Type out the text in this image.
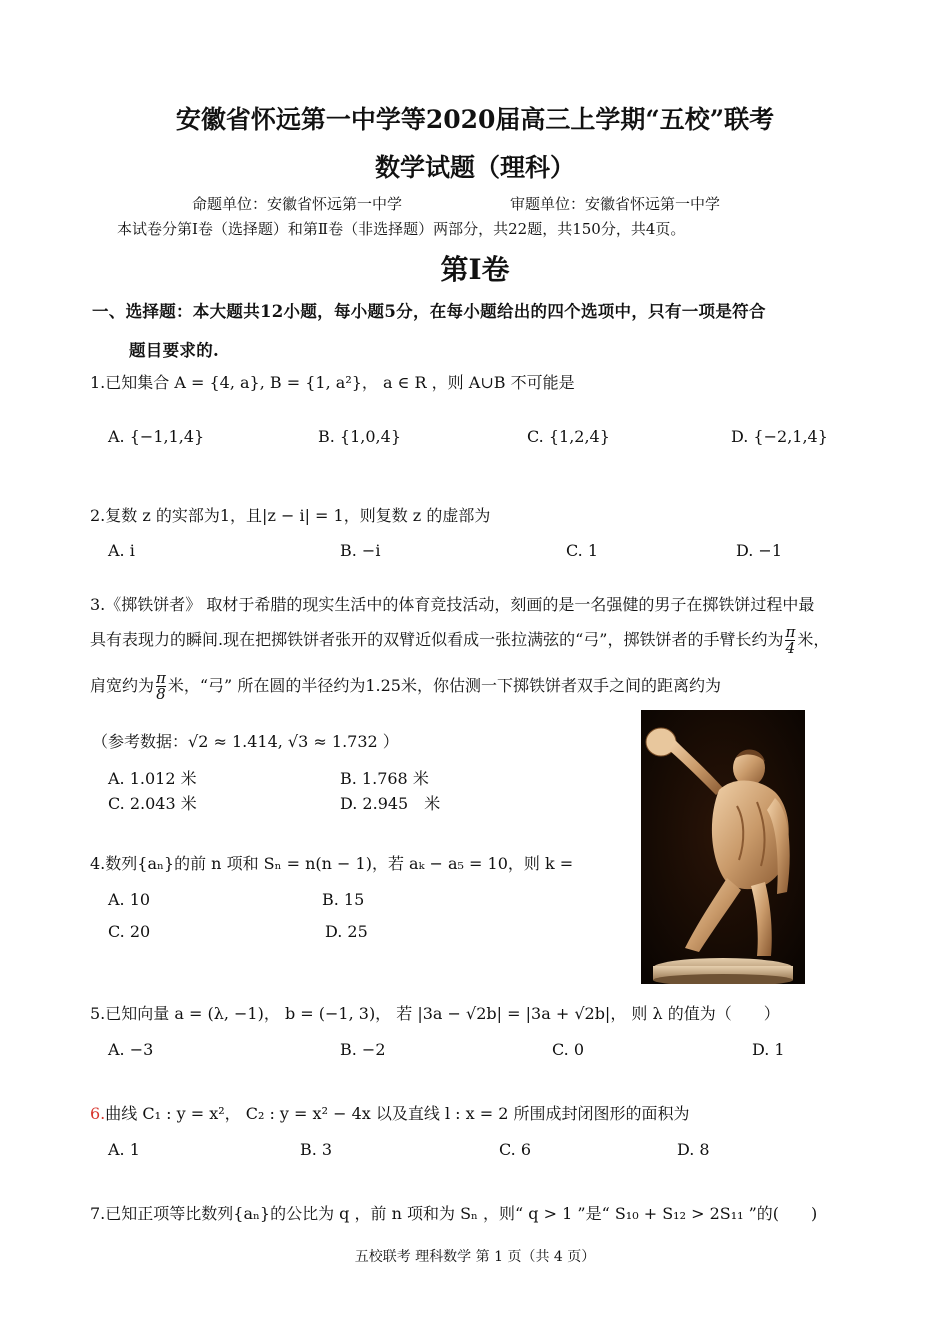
安徽省怀远第一中学等2020届高三上学期“五校”联考
数学试题（理科）
命题单位：安徽省怀远第一中学	审题单位：安徽省怀远第一中学
本试卷分第Ⅰ卷（选择题）和第Ⅱ卷（非选择题）两部分，共22题，共150分，共4页。
第Ⅰ卷
一、选择题：本大题共12小题，每小题5分，在每小题给出的四个选项中，只有一项是符合
题目要求的.
1.已知集合 A = {4, a}, B = {1, a²}， a ∈ R ，则 A∪B 不可能是
A. {−1,1,4}	B. {1,0,4}	C. {1,2,4}	D. {−2,1,4}
2.复数 z 的实部为1，且|z − i| = 1，则复数 z 的虚部为
A. i	B. −i	C. 1	D. −1
3.《掷铁饼者》 取材于希腊的现实生活中的体育竞技活动，刻画的是一名强健的男子在掷铁饼过程中最
具有表现力的瞬间.现在把掷铁饼者张开的双臂近似看成一张拉满弦的“弓”，掷铁饼者的手臂长约为 $\frac{\pi}{4}$ 米，
肩宽约为 $\frac{\pi}{8}$ 米，“弓” 所在圆的半径约为1.25米，你估测一下掷铁饼者双手之间的距离约为
（参考数据：√2 ≈ 1.414, √3 ≈ 1.732 ）
A. 1.012 米	B. 1.768 米
C. 2.043 米	D. 2.945　米
4.数列{aₙ}的前 n 项和 Sₙ = n(n − 1)，若 aₖ − a₅ = 10，则 k =
A. 10	B. 15
C. 20	D. 25
5.已知向量 a = (λ, −1)， b = (−1, 3)， 若 |3a − √2b| = |3a + √2b|， 则 λ 的值为（　　）
A. −3	B. −2	C. 0	D. 1
6.曲线 C₁ : y = x²， C₂ : y = x² − 4x 以及直线 l : x = 2 所围成封闭图形的面积为
A. 1	B. 3	C. 6	D. 8
7.已知正项等比数列{aₙ}的公比为 q ，前 n 项和为 Sₙ ，则“ q > 1 ”是“ S₁₀ + S₁₂ > 2S₁₁ ”的(　　)
五校联考 理科数学 第 1 页（共 4 页）
